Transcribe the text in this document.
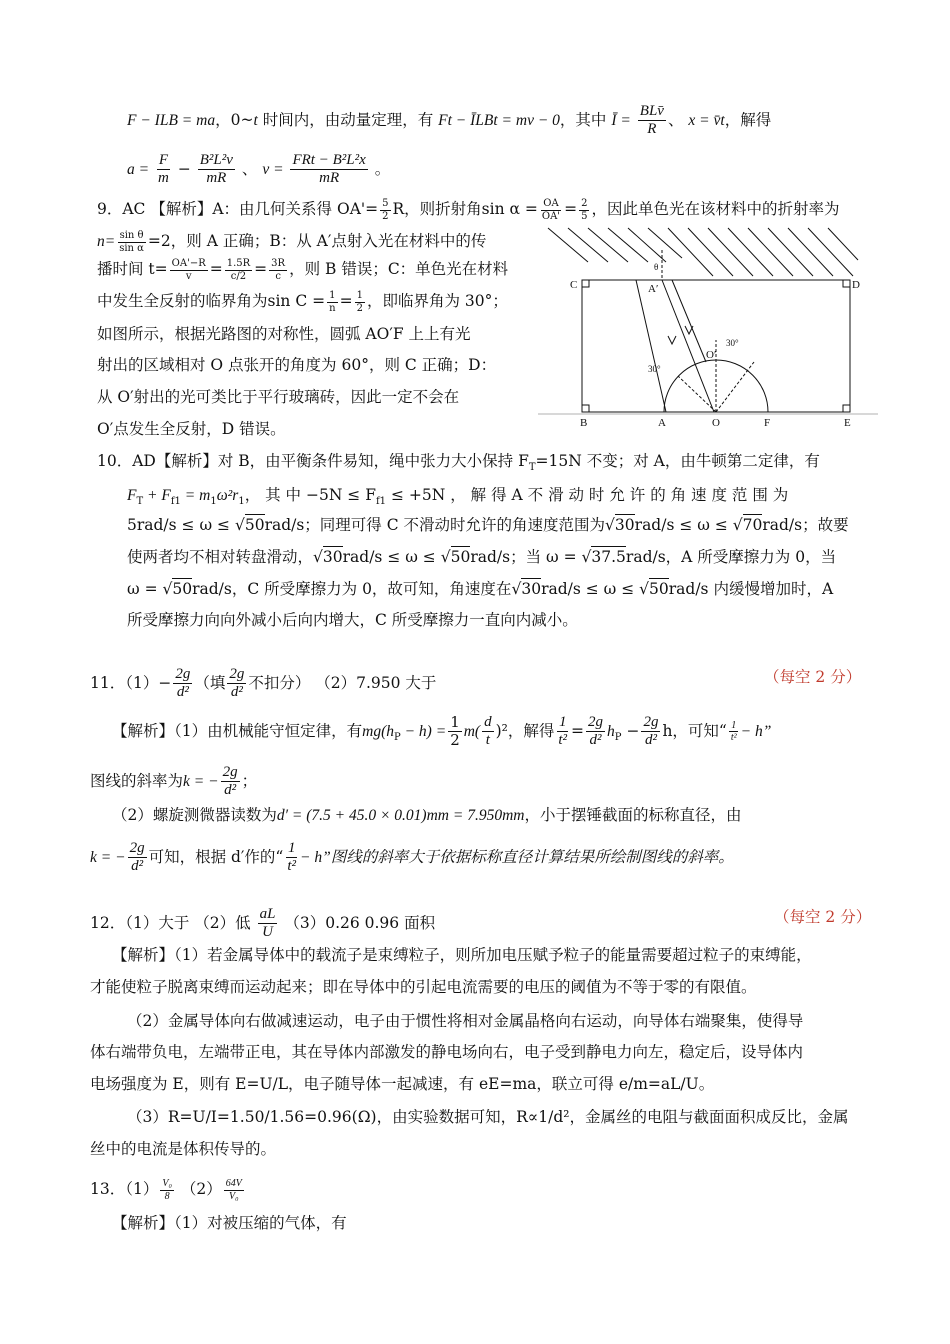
F − ILB = ma，0~t 时间内，由动量定理，有 Ft − ĪLBt = mv − 0，其中 Ī =
BLv̄
R
、 x = v̄t，解得
$a = \frac{F}{m} - \frac{\text{B²L²v}}{mR}$ 、 v =
FRt − B²L²x
mR
。
9．AC 【解析】A：由几何关系得 $OA'= \frac{5}{2}$ R，则折射角$\sin \alpha = \frac{OA}{OA'} = \frac{2}{5}$ ，因此单色光在该材料中的折射率为
$n= \frac{\text{sin θ}}{\text{sin α}} =2$，则 A 正确；B：从 A′点射入光在材料中的传
播时间 $t= \frac{OA'-R}{v} = \frac{1.5R}{c/2} = \frac{3R}{c}$ ，则 B 错误；C：单色光在材料
中发生全反射的临界角为$\sin C = \frac{1}{n} = \frac{1}{2}$ ，即临界角为 30°；
如图所示，根据光路图的对称性，圆弧 AO′F 上上有光
射出的区域相对 O 点张开的角度为 60°，则 C 正确；D：
从 O′射出的光可类比于平行玻璃砖，因此一定不会在
O′点发生全反射，D 错误。
C	D
B	A	O	F	E
A′
O′
θ
30°
30°
10．AD【解析】对 B，由平衡条件易知，绳中张力大小保持 $F_T=15N$ 不变；对 A，由牛顿第二定律，有
$F_T + F_{f1} = m_1\omega^2r_1$， 其 中 $-5N \le F_{f1} \le +5N$ ， 解 得 A 不 滑 动 时 允 许 的 角 速 度 范 围 为
5rad/s ≤ ω ≤ √50rad/s；同理可得 C 不滑动时允许的角速度范围为√30rad/s ≤ ω ≤ √70rad/s；故要
使两者均不相对转盘滑动，√30rad/s ≤ ω ≤ √50rad/s；当 ω = √37.5rad/s，A 所受摩擦力为 0，当
ω = √50rad/s，C 所受摩擦力为 0，故可知，角速度在√30rad/s ≤ ω ≤ √50rad/s 内缓慢增加时，A
所受摩擦力向向外减小后向内增大，C 所受摩擦力一直向内减小。
11．$(1)- \frac{2g}{\text{d²}}$ （填 $\frac{2g}{\text{d²}}$ 不扣分） （2）7.950 大于	（每空 2 分）
【解析】（1）由机械能守恒定律，有$mg(h_P - h) = \frac{1}{2} m( \frac{d}{t} )^2$，解得 $\frac{1}{\text{t²}} = \frac{2g}{\text{d²}} h_P - \frac{2g}{\text{d²}}$ h，可知“ $\frac{1}{\text{t²}} - h$”
图线的斜率为k = − $\frac{2g}{\text{d²}}$ ；
（2）螺旋测微器读数为d′ = (7.5 + 45.0 × 0.01)mm = 7.950mm，小于摆锤截面的标称直径，由
k = − $\frac{2g}{\text{d²}}$ 可知，根据 d′作的“ $\frac{1}{\text{t²}} - h$”图线的斜率大于依据标称直径计算结果所绘制图线的斜率。
12．（1）大于 （2）低 $\frac{aL}{U} (3)0.26$ 0.96 面积	（每空 2 分）
【解析】（1）若金属导体中的载流子是束缚粒子，则所加电压赋予粒子的能量需要超过粒子的束缚能，
才能使粒子脱离束缚而运动起来；即在导体中的引起电流需要的电压的阈值为不等于零的有限值。
（2）金属导体向右做减速运动，电子由于惯性将相对金属晶格向右运动，向导体右端聚集，使得导
体右端带负电，左端带正电，其在导体内部激发的静电场向右，电子受到静电力向左，稳定后，设导体内
电场强度为 E，则有 E=U/L，电子随导体一起减速，有 eE=ma，联立可得 e/m=aL/U。
（3）R=U/I=1.50/1.56=0.96(Ω)，由实验数据可知，R∝1/d²，金属丝的电阻与截面面积成反比，金属
丝中的电流是体积传导的。
13．$(1) \frac{\text{V₀}}{8} (2) \frac{64V}{\text{V₀}}$
【解析】（1）对被压缩的气体，有
